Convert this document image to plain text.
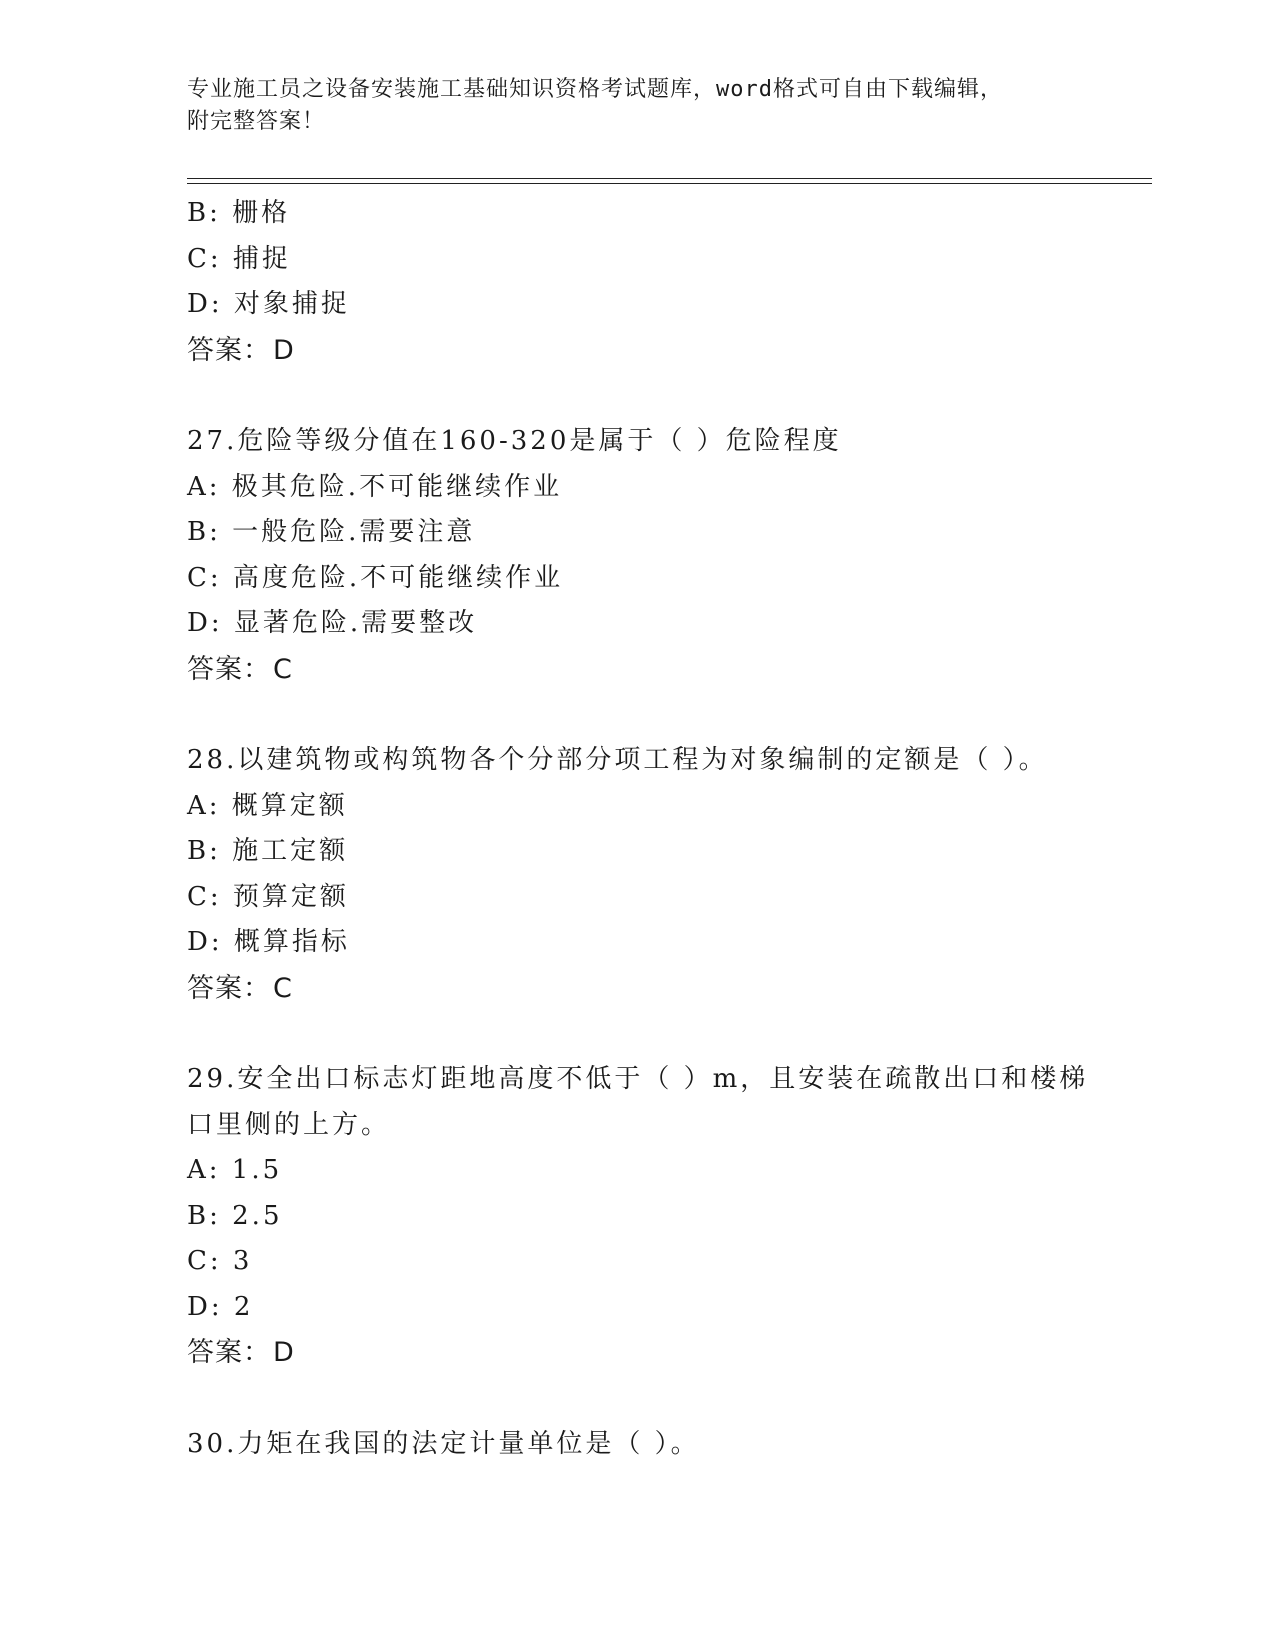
专业施工员之设备安装施工基础知识资格考试题库，word格式可自由下载编辑，
附完整答案！
B: 栅格
C: 捕捉
D: 对象捕捉
答案：D
27.危险等级分值在160-320是属于（ ）危险程度
A: 极其危险.不可能继续作业
B: 一般危险.需要注意
C: 高度危险.不可能继续作业
D: 显著危险.需要整改
答案：C
28.以建筑物或构筑物各个分部分项工程为对象编制的定额是（ ）。
A: 概算定额
B: 施工定额
C: 预算定额
D: 概算指标
答案：C
29.安全出口标志灯距地高度不低于（ ）m，且安装在疏散出口和楼梯
口里侧的上方。
A: 1.5
B: 2.5
C: 3
D: 2
答案：D
30.力矩在我国的法定计量单位是（ ）。
